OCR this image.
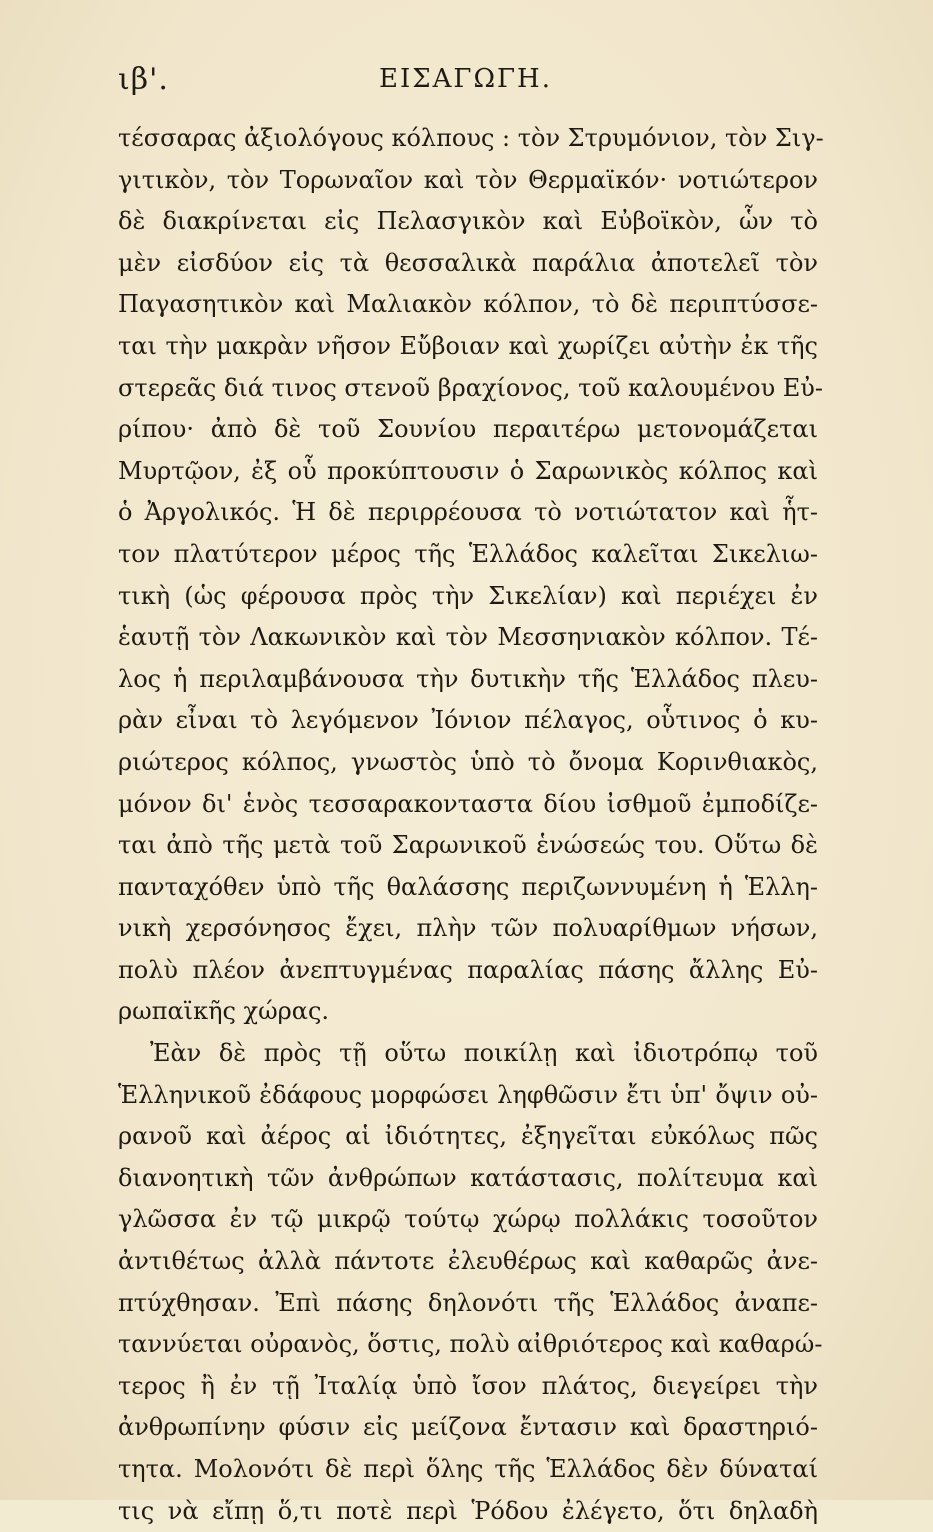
ιβ'.	ΕΙΣΑΓΩΓΗ.
τέσσαρας ἀξιολόγους κόλπους : τὸν Στρυμόνιον, τὸν Σιγ-
γιτικὸν, τὸν Τορωναῖον καὶ τὸν Θερμαϊκόν· νοτιώτερον
δὲ διακρίνεται εἰς Πελασγικὸν καὶ Εὐβοϊκὸν, ὧν τὸ
μὲν εἰσδύον εἰς τὰ θεσσαλικὰ παράλια ἀποτελεῖ τὸν
Παγασητικὸν καὶ Μαλιακὸν κόλπον, τὸ δὲ περιπτύσσε-
ται τὴν μακρὰν νῆσον Εὔβοιαν καὶ χωρίζει αὐτὴν ἐκ τῆς
στερεᾶς διά τινος στενοῦ βραχίονος, τοῦ καλουμένου Εὐ-
ρίπου· ἀπὸ δὲ τοῦ Σουνίου περαιτέρω μετονομάζεται
Μυρτῷον, ἐξ οὗ προκύπτουσιν ὁ Σαρωνικὸς κόλπος καὶ
ὁ Ἀργολικός. Ἡ δὲ περιρρέουσα τὸ νοτιώτατον καὶ ἧτ-
τον πλατύτερον μέρος τῆς Ἑλλάδος καλεῖται Σικελιω-
τικὴ (ὡς φέρουσα πρὸς τὴν Σικελίαν) καὶ περιέχει ἐν
ἑαυτῇ τὸν Λακωνικὸν καὶ τὸν Μεσσηνιακὸν κόλπον. Τέ-
λος ἡ περιλαμβάνουσα τὴν δυτικὴν τῆς Ἑλλάδος πλευ-
ρὰν εἶναι τὸ λεγόμενον Ἰόνιον πέλαγος, οὗτινος ὁ κυ-
ριώτερος κόλπος, γνωστὸς ὑπὸ τὸ ὄνομα Κορινθιακὸς,
μόνον δι' ἑνὸς τεσσαρακονταστα δίου ἰσθμοῦ ἐμποδίζε-
ται ἀπὸ τῆς μετὰ τοῦ Σαρωνικοῦ ἑνώσεώς του. Οὕτω δὲ
πανταχόθεν ὑπὸ τῆς θαλάσσης περιζωννυμένη ἡ Ἑλλη-
νικὴ χερσόνησος ἔχει, πλὴν τῶν πολυαρίθμων νήσων,
πολὺ πλέον ἀνεπτυγμένας παραλίας πάσης ἄλλης Εὐ-
ρωπαϊκῆς χώρας.
Ἐὰν δὲ πρὸς τῇ οὕτω ποικίλῃ καὶ ἰδιοτρόπῳ τοῦ
Ἑλληνικοῦ ἐδάφους μορφώσει ληφθῶσιν ἔτι ὑπ' ὄψιν οὐ-
ρανοῦ καὶ ἀέρος αἱ ἰδιότητες, ἐξηγεῖται εὐκόλως πῶς
διανοητικὴ τῶν ἀνθρώπων κατάστασις, πολίτευμα καὶ
γλῶσσα ἐν τῷ μικρῷ τούτῳ χώρῳ πολλάκις τοσοῦτον
ἀντιθέτως ἀλλὰ πάντοτε ἐλευθέρως καὶ καθαρῶς ἀνε-
πτύχθησαν. Ἐπὶ πάσης δηλονότι τῆς Ἑλλάδος ἀναπε-
ταννύεται οὐρανὸς, ὅστις, πολὺ αἰθριότερος καὶ καθαρώ-
τερος ἢ ἐν τῇ Ἰταλίᾳ ὑπὸ ἴσον πλάτος, διεγείρει τὴν
ἀνθρωπίνην φύσιν εἰς μείζονα ἔντασιν καὶ δραστηριό-
τητα. Μολονότι δὲ περὶ ὅλης τῆς Ἑλλάδος δὲν δύναταί
τις νὰ εἴπῃ ὅ,τι ποτὲ περὶ Ῥόδου ἐλέγετο, ὅτι δηλαδὴ
